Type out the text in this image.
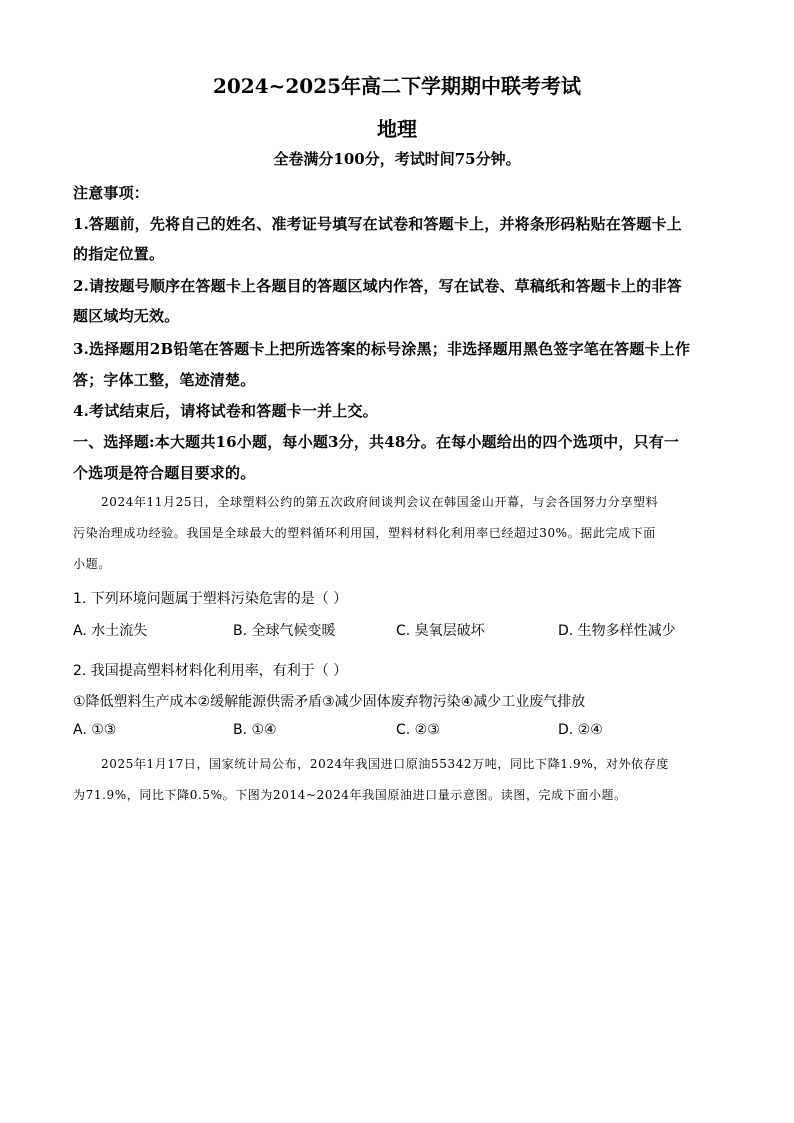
2024~2025年高二下学期期中联考考试
地理
全卷满分100分，考试时间75分钟。
注意事项：
1.答题前，先将自己的姓名、准考证号填写在试卷和答题卡上，并将条形码粘贴在答题卡上
的指定位置。
2.请按题号顺序在答题卡上各题目的答题区域内作答，写在试卷、草稿纸和答题卡上的非答
题区域均无效。
3.选择题用2B铅笔在答题卡上把所选答案的标号涂黑；非选择题用黑色签字笔在答题卡上作
答；字体工整，笔迹清楚。
4.考试结束后，请将试卷和答题卡一并上交。
一、选择题:本大题共16小题，每小题3分，共48分。在每小题给出的四个选项中，只有一
个选项是符合题目要求的。
2024年11月25日，全球塑料公约的第五次政府间谈判会议在韩国釜山开幕，与会各国努力分享塑料
污染治理成功经验。我国是全球最大的塑料循环利用国，塑料材料化利用率已经超过30%。据此完成下面
小题。
1. 下列环境问题属于塑料污染危害的是（ ）
A. 水土流失	B. 全球气候变暖	C. 臭氧层破坏	D. 生物多样性减少
2. 我国提高塑料材料化利用率，有利于（ ）
①降低塑料生产成本②缓解能源供需矛盾③减少固体废弃物污染④减少工业废气排放
A. ①③	B. ①④	C. ②③	D. ②④
2025年1月17日，国家统计局公布，2024年我国进口原油55342万吨，同比下降1.9%，对外依存度
为71.9%，同比下降0.5%。下图为2014~2024年我国原油进口量示意图。读图，完成下面小题。
